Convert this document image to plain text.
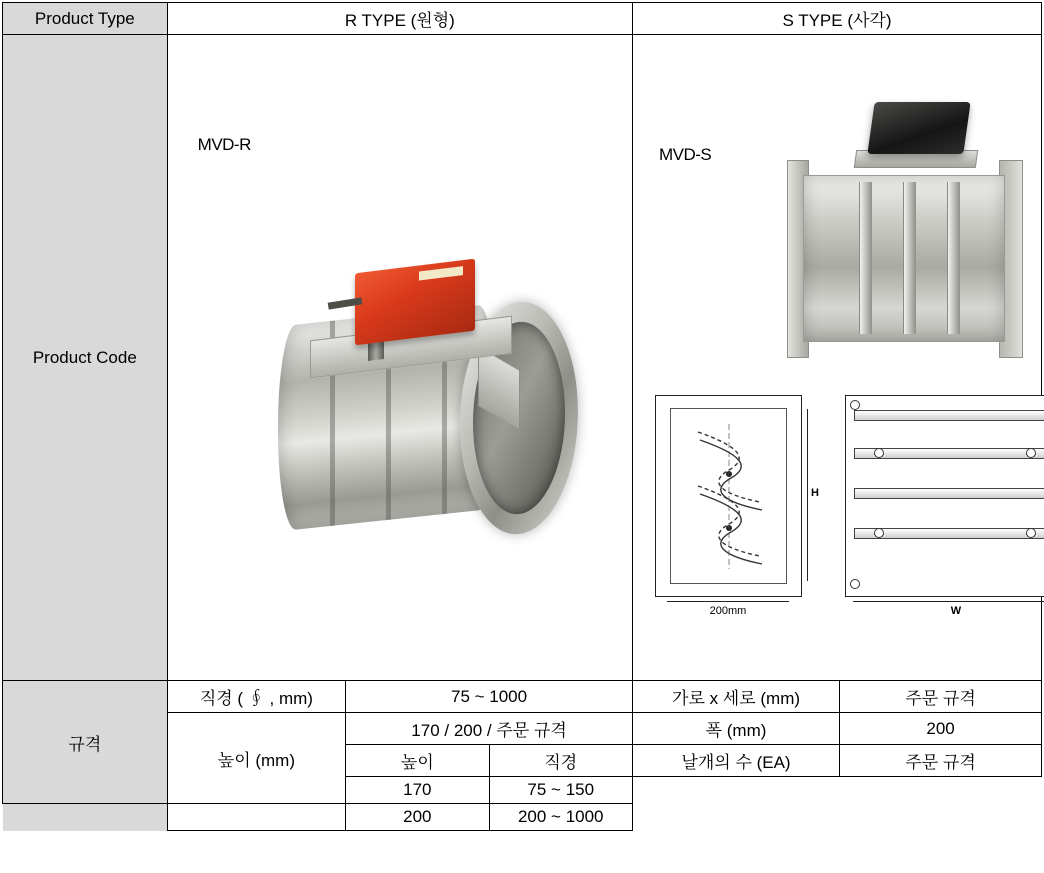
Product Type	R TYPE (원형)			S TYPE (사각)	
Product Code	MVD-R			MVD-S
H
200mm W	

규격	직경 ( ∮ , mm)	75 ~ 1000		가로 x 세로 (mm)	주문 규격
	높이 (mm)	170 / 200 / 주문 규격		폭 (mm)	200
		높이	직경	날개의 수 (EA)	주문 규격
		170	75 ~ 150		
		200	200 ~ 1000		
